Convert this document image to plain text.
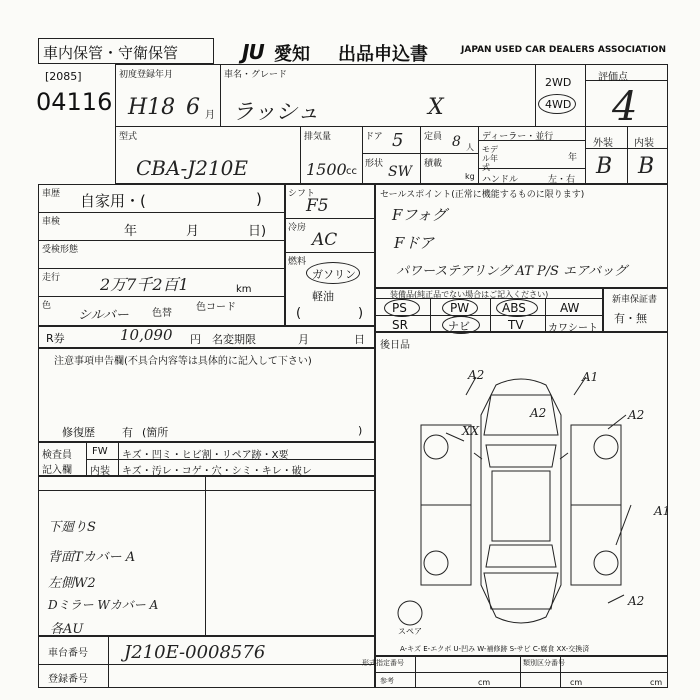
車内保管・守衛保管	JU 愛知 出品申込書	JAPAN USED CAR DEALERS ASSOCIATION
[2085]
04116
初度登録年月
H18 6 月
車名・グレード
ラッシュ	X
2WD
4WD
評価点
4
外装 内装
B B
型式
CBA-J210E
排気量
1500 cc
ドア 5 定員 8 人
形状 SW 積載
kg
ディーラー・並行
モデル年式
年
ハンドル	左・右
車歴 自家用・(	)
車検
年	月	日)
受検形態
走行 2万7千2百1	km
色
シルバー 色替
色コード
シフト
F5
冷房
AC
燃料
ガソリン
軽油
(	)
セールスポイント(正常に機能するものに限ります)
Fフォグ
Fドア
パワーステアリング AT P/S エアバッグ
装備品(純正品でない場合はご記入ください)
PS	PW	ABS	AW
SR	ナビ	TV カワシート
新車保証書
有・無
R券	10,090 円 名変期限	月	日
注意事項申告欄(不具合内容等は具体的に記入して下さい)
修復歴 有 (箇所	)
検査員
記入欄
FW キズ・凹ミ・ヒビ割・リペア跡・X要
内装 キズ・汚レ・コゲ・穴・シミ・キレ・破レ
下廻りS
背面Tカバー A
左側W2
Dミラー Wカバー A
各AU
車台番号 J210E-0008576
登録番号
後日品
A2	A1
A2	A2
XX
A1
A2
スペア
A-キズ E-エクボ U-凹み W-補修跡 S-サビ C-腐食 XX-交換済
形式指定番号	類別区分番号
参考	cm	cm	cm
